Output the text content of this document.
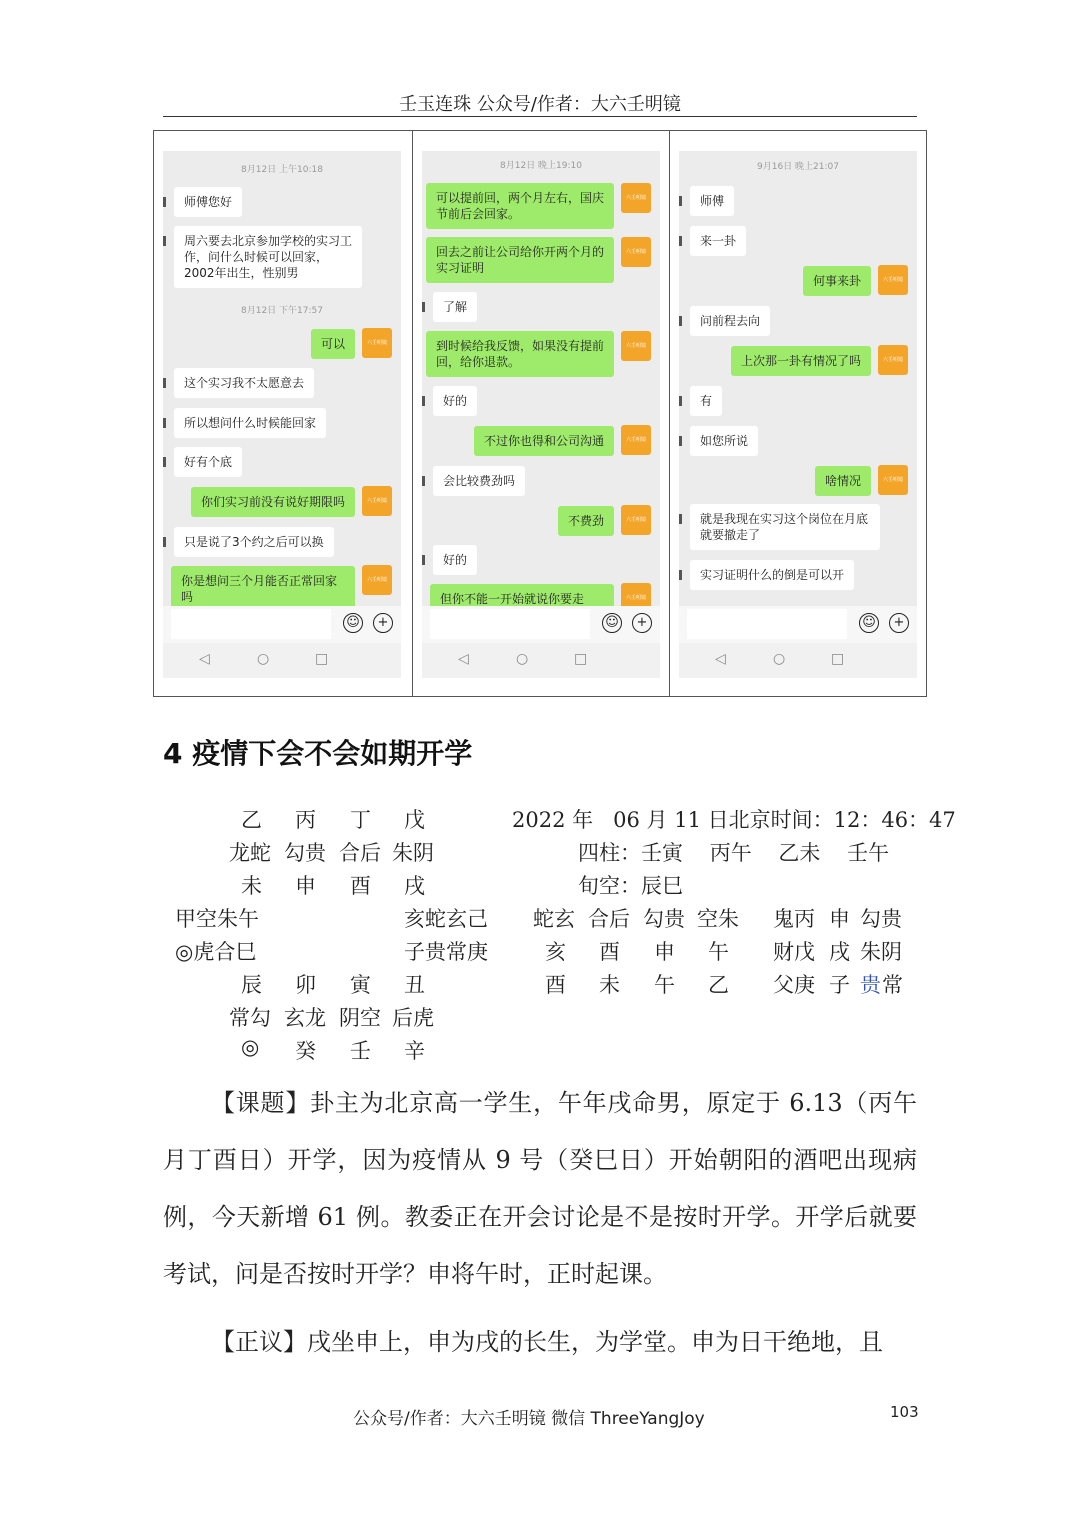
壬玉连珠 公众号/作者：大六壬明镜
8月12日 上午10:18
师傅您好
周六要去北京参加学校的实习工作，问什么时候可以回家，2002年出生，性别男
8月12日 下午17:57
可以	六壬明镜
这个实习我不太愿意去
所以想问什么时候能回家
好有个底
你们实习前没有说好期限吗	六壬明镜
只是说了3个约之后可以换
你是想问三个月能否正常回家吗
六壬明镜
☺	+
◁	○	□
8月12日 晚上19:10
可以提前回，两个月左右，国庆节前后会回家。
六壬明镜
回去之前让公司给你开两个月的实习证明
六壬明镜
了解
到时候给我反馈，如果没有提前回，给你退款。
六壬明镜
好的
不过你也得和公司沟通	六壬明镜
会比较费劲吗
不费劲	六壬明镜
好的
但你不能一开始就说你要走	六壬明镜
☺	+
◁	○	□
9月16日 晚上21:07
师傅
来一卦
何事来卦	六壬明镜
问前程去向
上次那一卦有情况了吗	六壬明镜
有
如您所说
啥情况	六壬明镜
就是我现在实习这个岗位在月底就要撤走了
实习证明什么的倒是可以开
☺	+
◁	○	□
4 疫情下会不会如期开学
乙 丙 丁 戊
龙蛇 勾贵 合后 朱阴
未 申 酉 戌
甲空朱午	亥蛇玄己
◎虎合巳	子贵常庚
辰 卯 寅 丑
常勾 玄龙 阴空 后虎
◎ 癸 壬 辛
2022 年   06 月 11 日北京时间：12：46：47
四柱：壬寅    丙午    乙未    壬午
旬空：辰巳
蛇玄 合后 勾贵 空朱
亥 酉 申 午
酉 未 午 乙
鬼丙 申 勾贵
财戊 戌 朱阴
父庚 子 贵 常
【课题】卦主为北京高一学生，午年戌命男，原定于 6.13（丙午月丁酉日）开学，因为疫情从 9 号（癸巳日）开始朝阳的酒吧出现病例，今天新增 61 例。教委正在开会讨论是不是按时开学。开学后就要考试，问是否按时开学？申将午时，正时起课。
【正议】戌坐申上，申为戌的长生，为学堂。申为日干绝地，且
公众号/作者：大六壬明镜 微信 ThreeYangJoy	103
